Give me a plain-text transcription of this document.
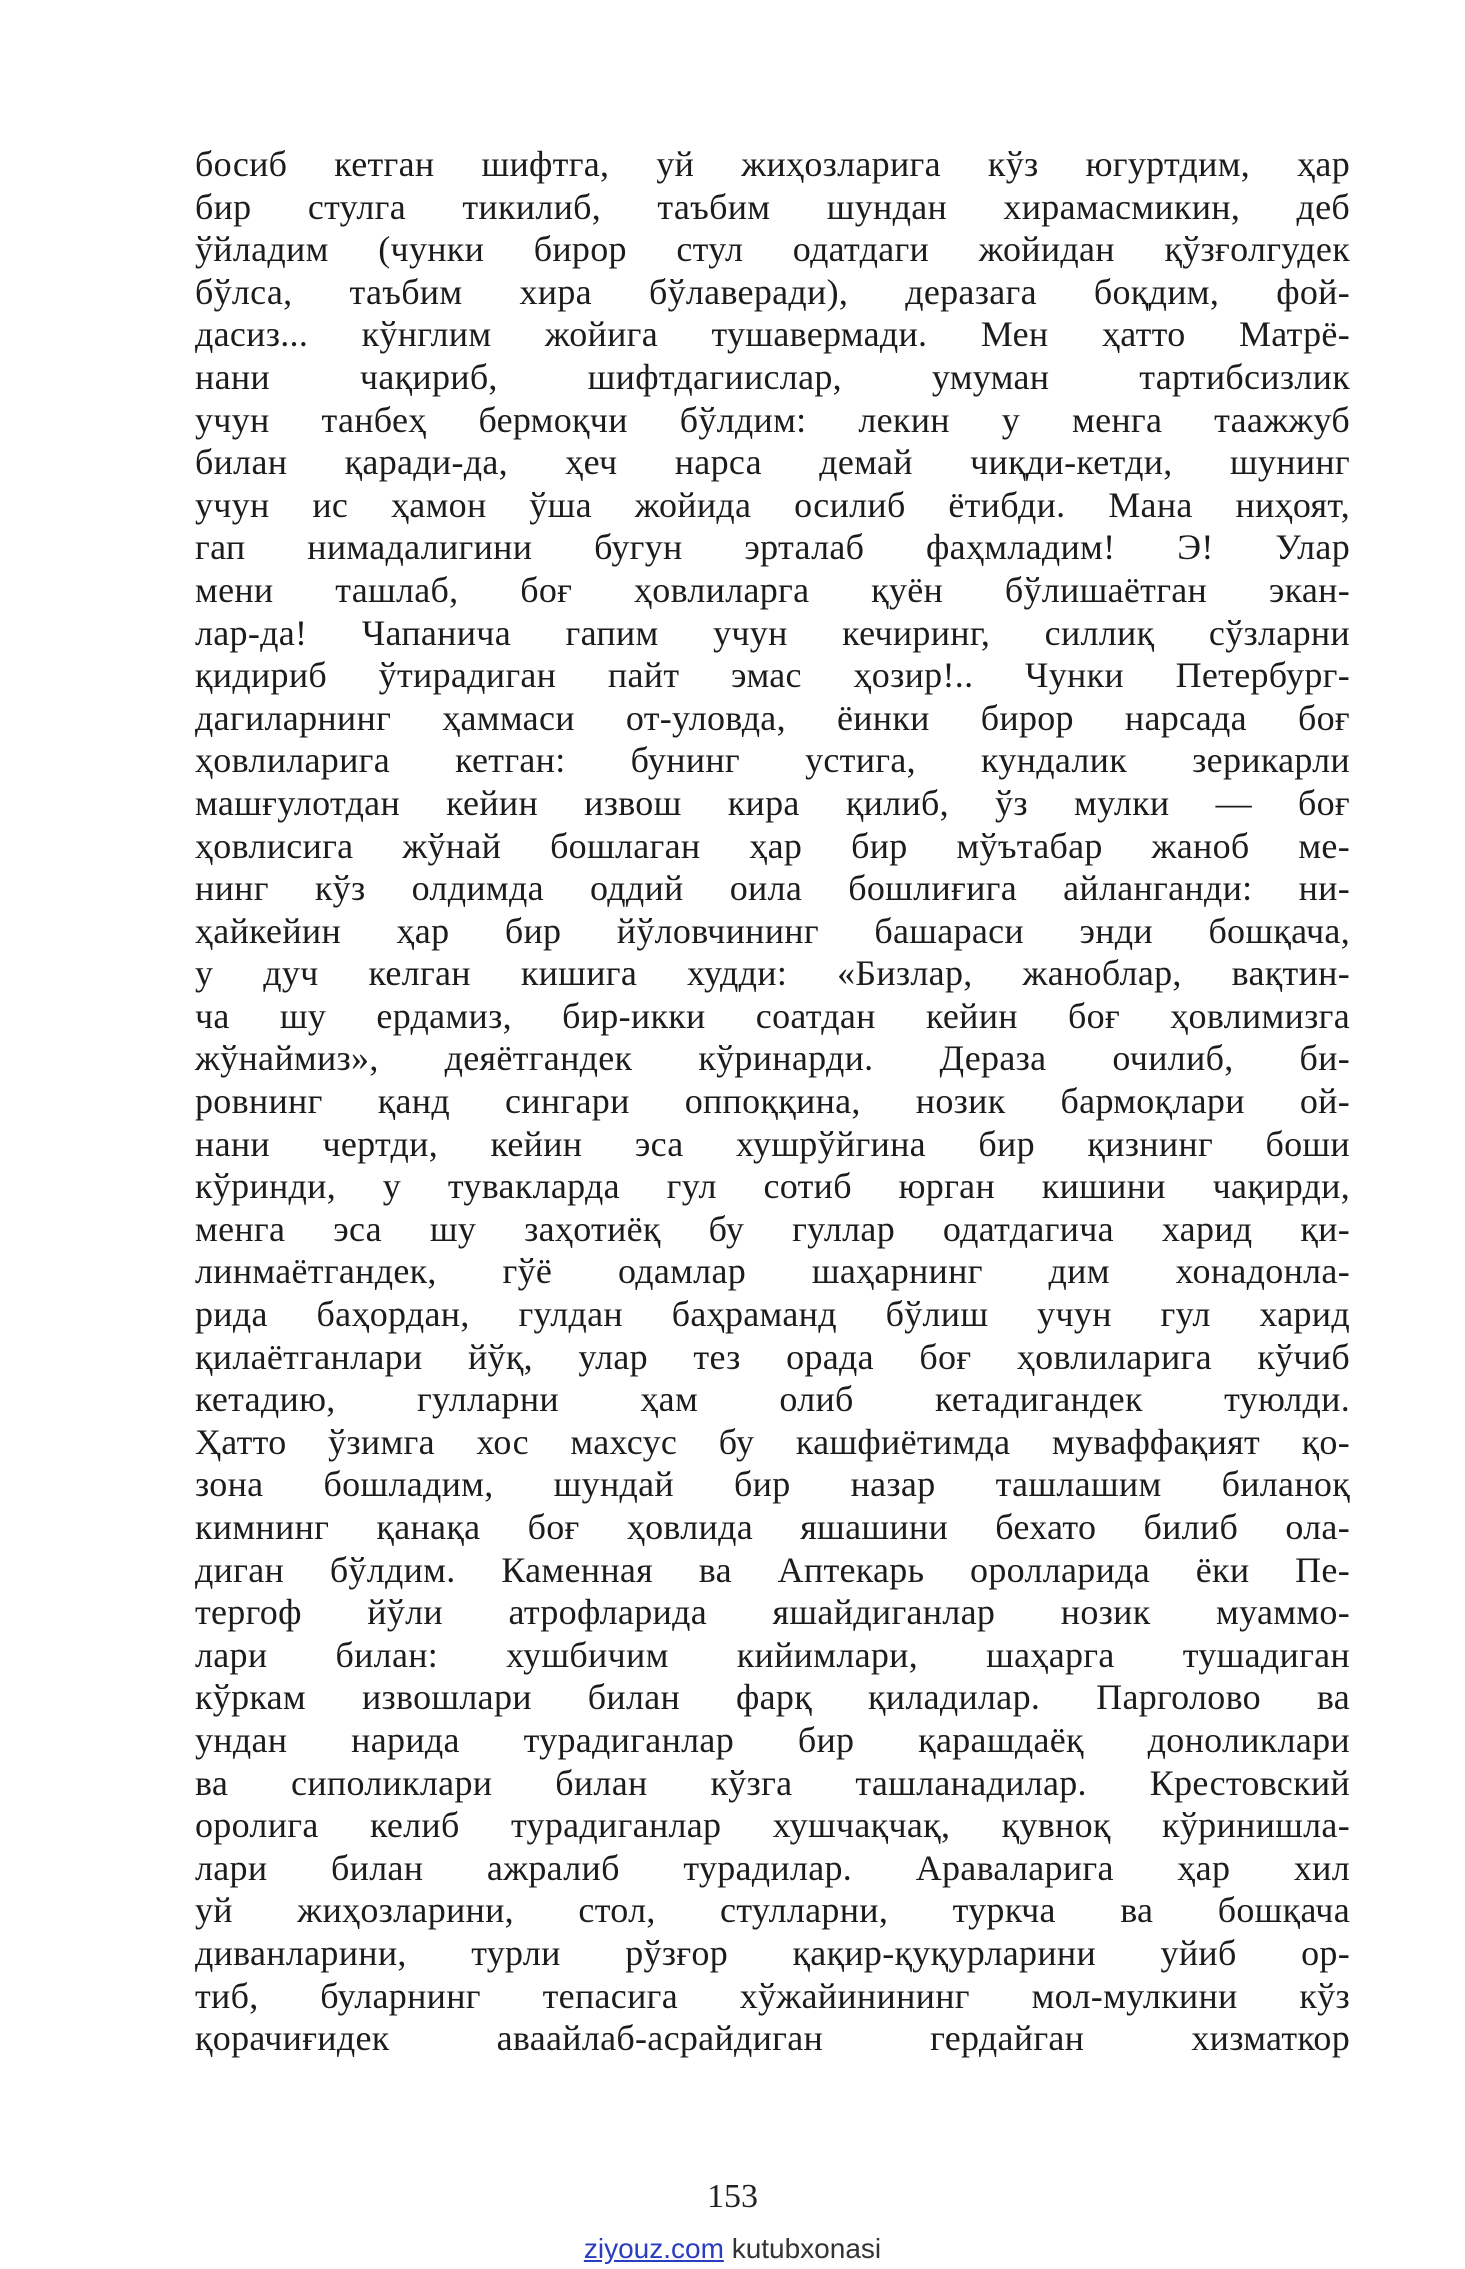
босиб кетган шифтга, уй жиҳозларига кўз югуртдим, ҳар
бир стулга тикилиб, таъбим шундан хирамасмикин, деб
ўйладим (чунки бирор стул одатдаги жойидан қўзғолгудек
бўлса, таъбим хира бўлаверади), деразага боқдим, фой-
дасиз... кўнглим жойига тушавермади. Мен ҳатто Матрё-
нани чақириб, шифтдагиислар, умуман тартибсизлик
учун танбеҳ бермоқчи бўлдим: лекин у менга таажжуб
билан қаради-да, ҳеч нарса демай чиқди-кетди, шунинг
учун ис ҳамон ўша жойида осилиб ётибди. Мана ниҳоят,
гап нимадалигини бугун эрталаб фаҳмладим! Э! Улар
мени ташлаб, боғ ҳовлиларга қуён бўлишаётган экан-
лар-да! Чапанича гапим учун кечиринг, силлиқ сўзларни
қидириб ўтирадиган пайт эмас ҳозир!.. Чунки Петербург-
дагиларнинг ҳаммаси от-уловда, ёинки бирор нарсада боғ
ҳовлиларига кетган: бунинг устига, кундалик зерикарли
машғулотдан кейин извош кира қилиб, ўз мулки — боғ
ҳовлисига жўнай бошлаган ҳар бир мўътабар жаноб ме-
нинг кўз олдимда оддий оила бошлиғига айланганди: ни-
ҳайкейин ҳар бир йўловчининг башараси энди бошқача,
у дуч келган кишига худди: «Бизлар, жаноблар, вақтин-
ча шу ердамиз, бир-икки соатдан кейин боғ ҳовлимизга
жўнаймиз», деяётгандек кўринарди. Дераза очилиб, би-
ровнинг қанд сингари оппоққина, нозик бармоқлари ой-
нани чертди, кейин эса хушрўйгина бир қизнинг боши
кўринди, у тувакларда гул сотиб юрган кишини чақирди,
менга эса шу заҳотиёқ бу гуллар одатдагича харид қи-
линмаётгандек, гўё одамлар шаҳарнинг дим хонадонла-
рида баҳордан, гулдан баҳраманд бўлиш учун гул харид
қилаётганлари йўқ, улар тез орада боғ ҳовлиларига кўчиб
кетадию, гулларни ҳам олиб кетадигандек туюлди.
Ҳатто ўзимга хос махсус бу кашфиётимда муваффақият қо-
зона бошладим, шундай бир назар ташлашим биланоқ
кимнинг қанақа боғ ҳовлида яшашини бехато билиб ола-
диган бўлдим. Каменная ва Аптекарь оролларида ёки Пе-
тергоф йўли атрофларида яшайдиганлар нозик муаммо-
лари билан: хушбичим кийимлари, шаҳарга тушадиган
кўркам извошлари билан фарқ қиладилар. Парголово ва
ундан нарида турадиганлар бир қарашдаёқ доноликлари
ва сиполиклари билан кўзга ташланадилар. Крестовский
оролига келиб турадиганлар хушчақчақ, қувноқ кўринишла-
лари билан ажралиб турадилар. Араваларига ҳар хил
уй жиҳозларини, стол, стулларни, туркча ва бошқача
диванларини, турли рўзғор қақир-қуқурларини уйиб ор-
тиб, буларнинг тепасига хўжайинининг мол-мулкини кўз
қорачиғидек аваайлаб-асрайдиган гердайган хизматкор
153
ziyouz.com kutubxonasi
